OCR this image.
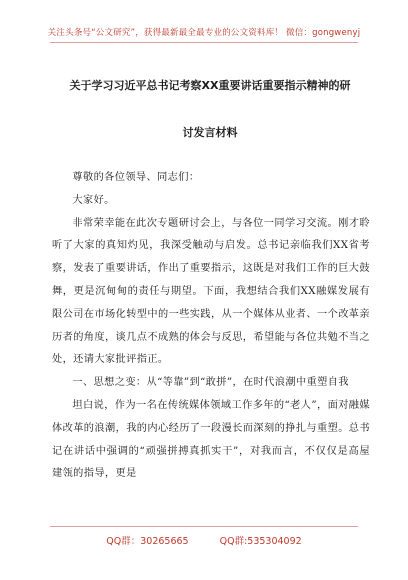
关注头条号“公文研究”，获得最新最全最专业的公文资料库！ 微信：gongwenyj
关于学习习近平总书记考察XX重要讲话重要指示精神的研
讨发言材料

尊敬的各位领导、同志们：

大家好。

非常荣幸能在此次专题研讨会上，与各位一同学习交流。刚才聆听了大家的真知灼见，我深受触动与启发。总书记亲临我们XX省考察，发表了重要讲话，作出了重要指示，这既是对我们工作的巨大鼓舞，更是沉甸甸的责任与期望。下面，我想结合我们XX融媒发展有限公司在市场化转型中的一些实践，从一个媒体从业者、一个改革亲历者的角度，谈几点不成熟的体会与反思，希望能与各位共勉不当之处，还请大家批评指正。

一、思想之变：从“等靠”到“敢拼”，在时代浪潮中重塑自我

坦白说，作为一名在传统媒体领域工作多年的“老人”，面对融媒体改革的浪潮，我的内心经历了一段漫长而深刻的挣扎与重塑。总书记在讲话中强调的“顽强拼搏真抓实干”，对我而言，不仅仅是高屋建瓴的指导，更是

QQ群：30265665	QQ群:535304092
